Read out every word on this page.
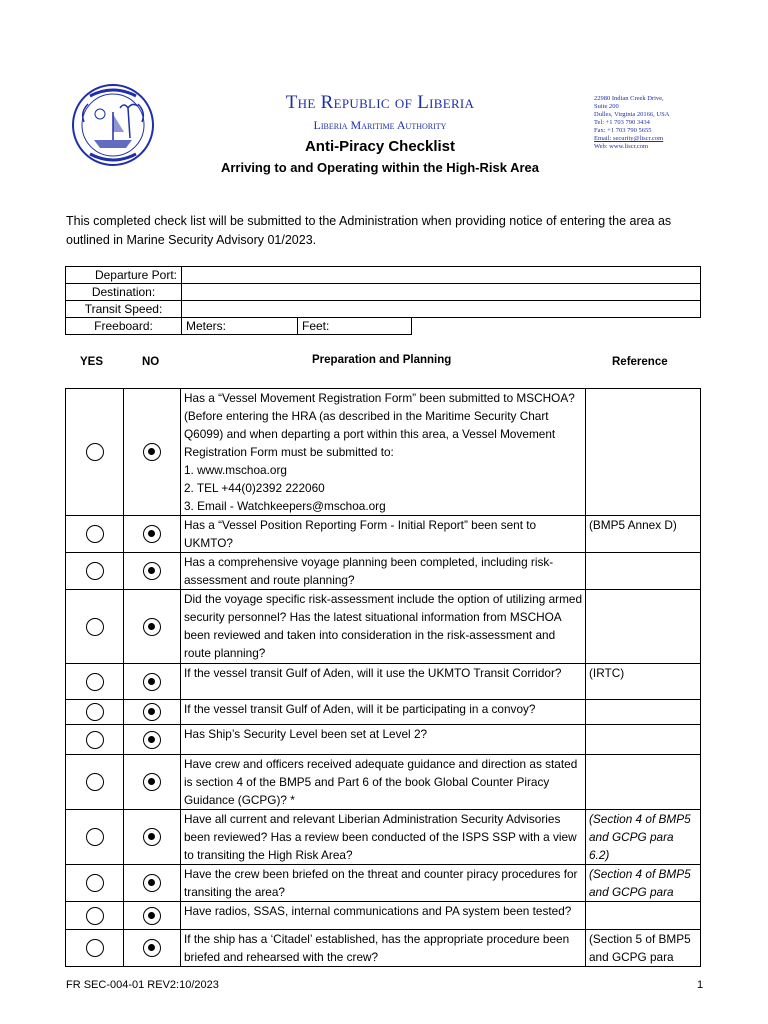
The Republic of Liberia
Liberia Maritime Authority
Anti-Piracy Checklist
Arriving to and Operating within the High-Risk Area
22980 Indian Creek Drive,
Suite 200
Dulles, Virginia 20166, USA
Tel: +1 703 790 3434
Fax: +1 703 790 5655
Email: security@liscr.com
Web: www.liscr.com
This completed check list will be submitted to the Administration when providing notice of entering the area as outlined in Marine Security Advisory 01/2023.
Departure Port:			
Destination:			
Transit Speed:			
Freeboard:	Meters:	Feet:	
YES	NO	Preparation and Planning	Reference
		Has a “Vessel Movement Registration Form” been submitted to MSCHOA? (Before entering the HRA (as described in the Maritime Security Chart Q6099) and when departing a port within this area, a Vessel Movement Registration Form must be submitted to:
1. www.mschoa.org
2. TEL +44(0)2392 222060
3. Email - Watchkeepers@mschoa.org	
		Has a “Vessel Position Reporting Form - Initial Report” been sent to UKMTO?	(BMP5 Annex D)
		Has a comprehensive voyage planning been completed, including risk-assessment and route planning?	
		Did the voyage specific risk-assessment include the option of utilizing armed security personnel? Has the latest situational information from MSCHOA been reviewed and taken into consideration in the risk-assessment and route planning?	
		If the vessel transit Gulf of Aden, will it use the UKMTO Transit Corridor?	(IRTC)
		If the vessel transit Gulf of Aden, will it be participating in a convoy?	
		Has Ship’s Security Level been set at Level 2?	
		Have crew and officers received adequate guidance and direction as stated is section 4 of the BMP5 and Part 6 of the book Global Counter Piracy Guidance (GCPG)? *	
		Have all current and relevant Liberian Administration Security Advisories been reviewed? Has a review been conducted of the ISPS SSP with a view to transiting the High Risk Area?	(Section 4 of BMP5 and GCPG para 6.2)
		Have the crew been briefed on the threat and counter piracy procedures for transiting the area?	(Section 4 of BMP5 and GCPG para
		Have radios, SSAS, internal communications and PA system been tested?	
		If the ship has a ‘Citadel’ established, has the appropriate procedure been briefed and rehearsed with the crew?	(Section 5 of BMP5 and GCPG para
FR SEC-004-01 REV2:10/2023	1
